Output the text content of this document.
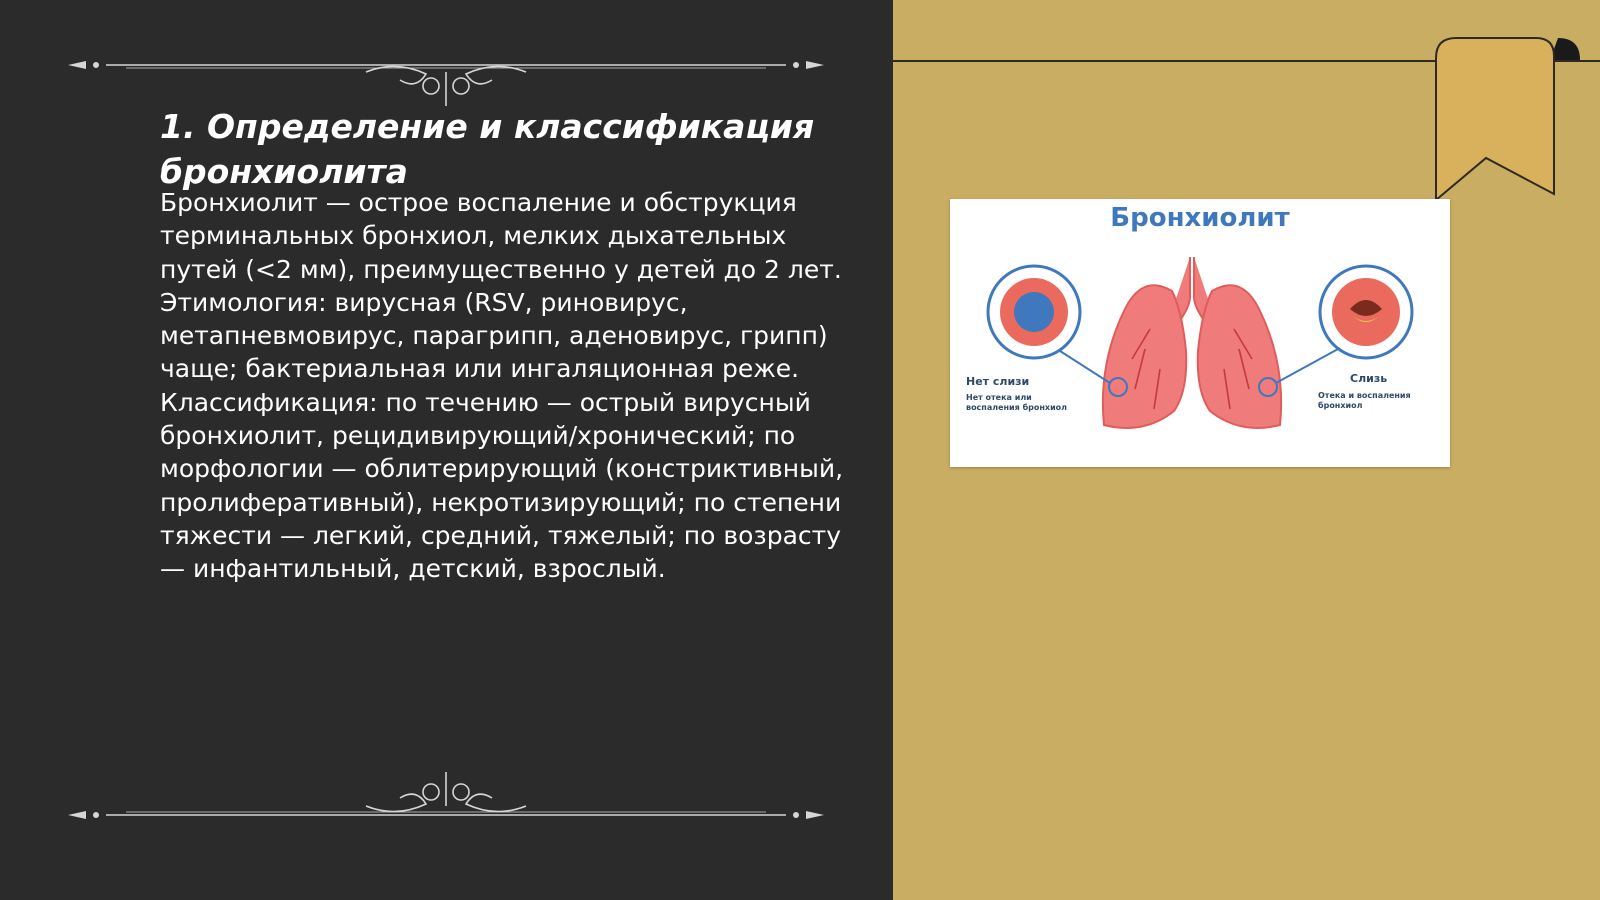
1. Определение и классификация бронхиолита

Бронхиолит — острое воспаление и обструкция терминальных бронхиол, мелких дыхательных путей (<2 мм), преимущественно у детей до 2 лет. Этимология: вирусная (RSV, риновирус, метапневмовирус, парагрипп, аденовирус, грипп) чаще; бактериальная или ингаляционная реже. Классификация: по течению — острый вирусный бронхиолит, рецидивирующий/хронический; по морфологии — облитерирующий (констриктивный, пролиферативный), некротизирующий; по степени тяжести — легкий, средний, тяжелый; по возрасту — инфантильный, детский, взрослый.

Бронхиолит
Нет слизи
Нет отека или воспаления бронхиол
Слизь
Отека и воспаления бронхиол
